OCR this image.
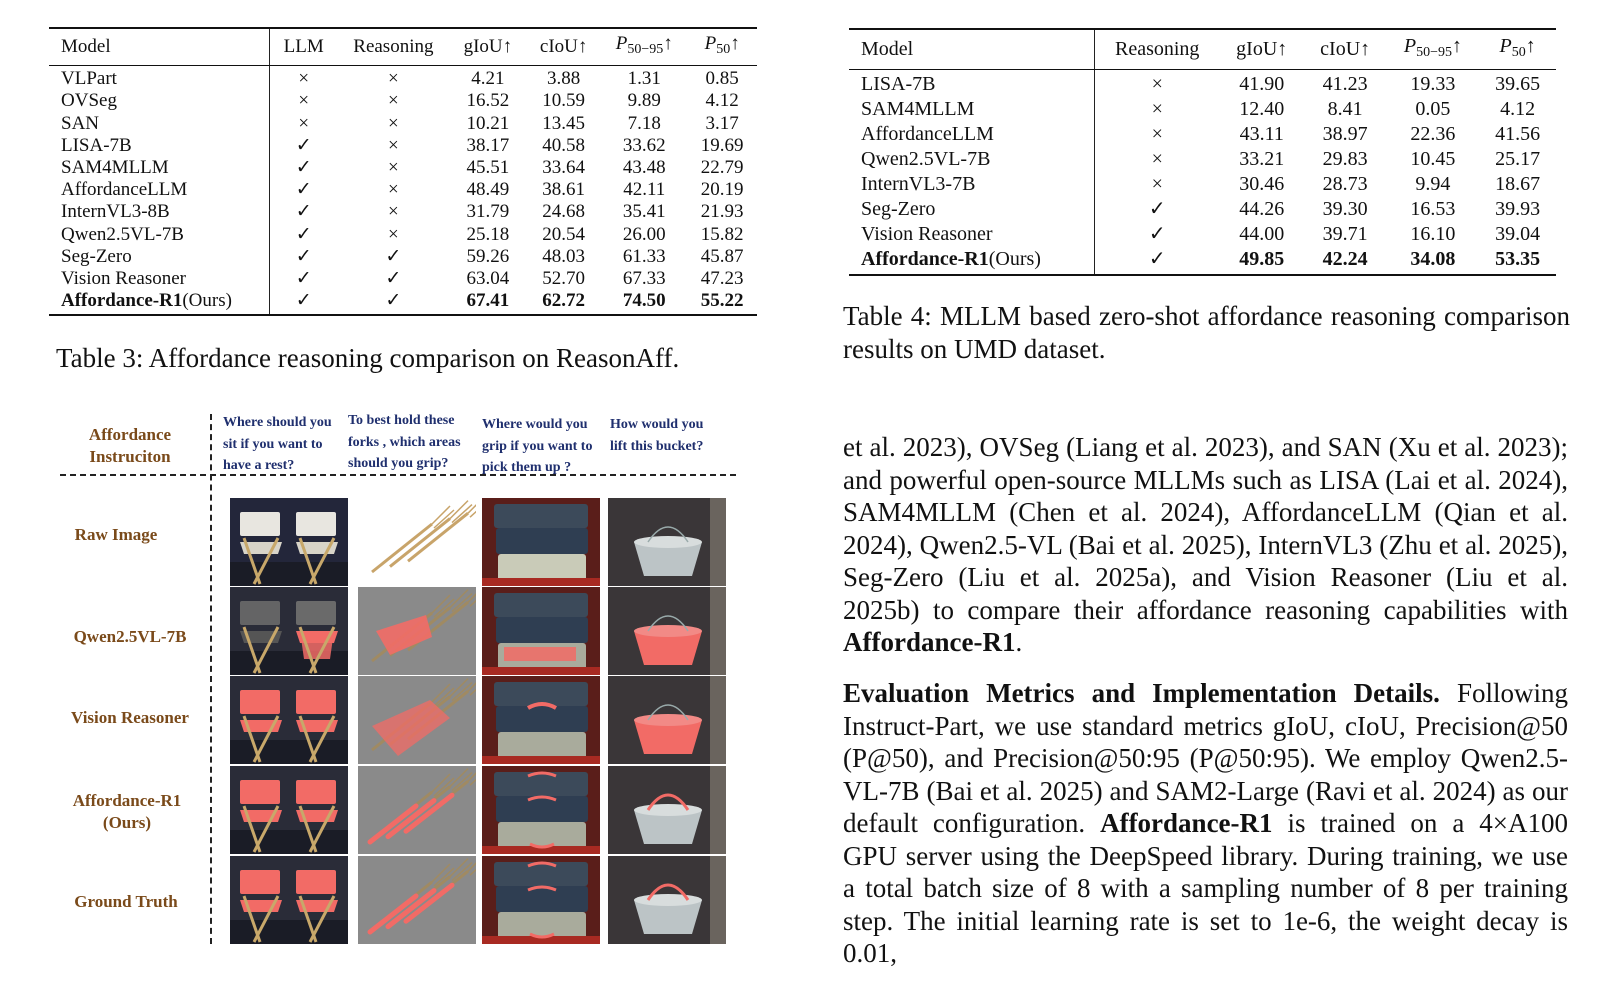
Model	LLM	Reasoning	gIoU↑	cIoU↑	$P_{50-95}↑$	$P_{50}↑$
VLPart	×	×	4.21	3.88	1.31	0.85
OVSeg	×	×	16.52	10.59	9.89	4.12
SAN	×	×	10.21	13.45	7.18	3.17
LISA-7B	✓	×	38.17	40.58	33.62	19.69
SAM4MLLM	✓	×	45.51	33.64	43.48	22.79
AffordanceLLM	✓	×	48.49	38.61	42.11	20.19
InternVL3-8B	✓	×	31.79	24.68	35.41	21.93
Qwen2.5VL-7B	✓	×	25.18	20.54	26.00	15.82
Seg-Zero	✓	✓	59.26	48.03	61.33	45.87
Vision Reasoner	✓	✓	63.04	52.70	67.33	47.23
Affordance-R1(Ours)	✓	✓	67.41	62.72	74.50	55.22
Table 3: Affordance reasoning comparison on ReasonAff.
Model	Reasoning	gIoU↑	cIoU↑	$P_{50-95}↑$	$P_{50}↑$
LISA-7B	×	41.90	41.23	19.33	39.65
SAM4MLLM	×	12.40	8.41	0.05	4.12
AffordanceLLM	×	43.11	38.97	22.36	41.56
Qwen2.5VL-7B	×	33.21	29.83	10.45	25.17
InternVL3-7B	×	30.46	28.73	9.94	18.67
Seg-Zero	✓	44.26	39.30	16.53	39.93
Vision Reasoner	✓	44.00	39.71	16.10	39.04
Affordance-R1(Ours)	✓	49.85	42.24	34.08	53.35
Table 4: MLLM based zero-shot affordance reasoning comparison results on UMD dataset.
Affordance
Instruciton
Where should you
sit if you want to
have a rest?
To best hold these
forks , which areas
should you grip?
Where would you
grip if you want to
pick them up ?
How would you
lift this bucket?
Raw Image
Qwen2.5VL-7B
Vision Reasoner
Affordance-R1
(Ours)
Ground Truth
et al. 2023), OVSeg (Liang et al. 2023), and SAN (Xu et al. 2023); and powerful open-source MLLMs such as LISA (Lai et al. 2024), SAM4MLLM (Chen et al. 2024), AffordanceLLM (Qian et al. 2024), Qwen2.5-VL (Bai et al. 2025), InternVL3 (Zhu et al. 2025), Seg-Zero (Liu et al. 2025a), and Vision Reasoner (Liu et al. 2025b) to compare their affordance reasoning capabilities with Affordance-R1.
Evaluation Metrics and Implementation Details. Following Instruct-Part, we use standard metrics gIoU, cIoU, Precision@50 (P@50), and Precision@50:95 (P@50:95). We employ Qwen2.5-VL-7B (Bai et al. 2025) and SAM2-Large (Ravi et al. 2024) as our default configuration. Affordance-R1 is trained on a 4×A100 GPU server using the DeepSpeed library. During training, we use a total batch size of 8 with a sampling number of 8 per training step. The initial learning rate is set to 1e-6, the weight decay is 0.01,
